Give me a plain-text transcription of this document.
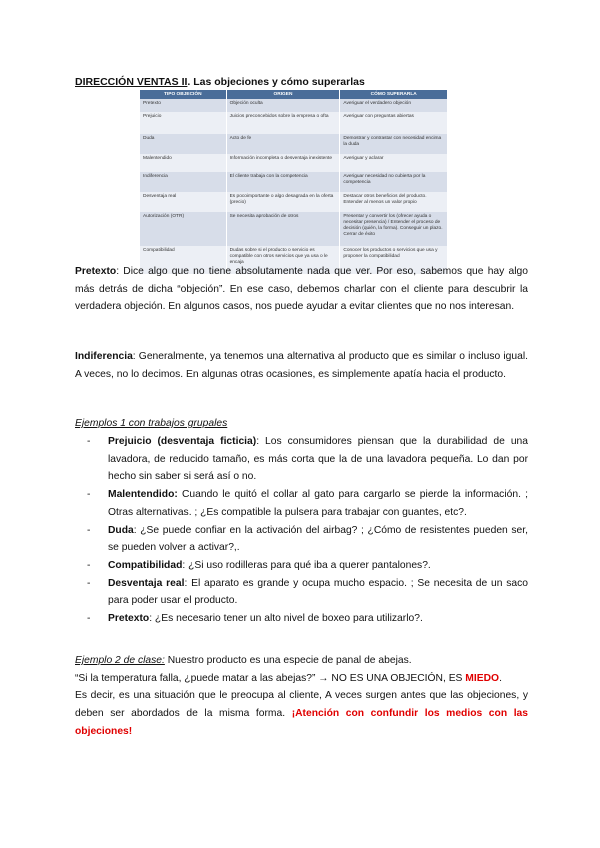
DIRECCIÓN VENTAS II. Las objeciones y cómo superarlas
TIPO OBJECIÓN	ORIGEN	CÓMO SUPERARLA
Pretexto	Objeción oculta	Averiguar el verdadero objeción
Prejuicio	Juicios preconcebidos sobre la empresa o ofta	Averiguar con preguntas abiertas
Duda	Acto de fe	Demostrar y contrastar con necesidad encima la duda
Malentendido	Información incompleta o desventaja inexistente	Averiguar y aclarar
Indiferencia	El cliente trabaja con la competencia	Averiguar necesidad no cubierta por la competencia
Desventaja real	Es pocoimportante o algo desagrada en la oferta (precio)	Destacar otros beneficios del producto. Entender al menos un valor propio
Autorización (OTR)	Se necesita aprobación de otros	Presentar y convertir los (ofrecer ayuda o necesitar presencia) / Entender el proceso de decisión (quién, la forma). Conseguir un plazo. Cerrar de éxito
Compatibilidad	Dudas sobre si el producto o servicio es compatible con otros servicios que ya usa o le encaja	Conocer los productos o servicios que usa y proponer la compatibilidad
Pretexto: Dice algo que no tiene absolutamente nada que ver. Por eso, sabemos que hay algo más detrás de dicha “objeción”. En ese caso, debemos charlar con el cliente para descubrir la verdadera objeción. En algunos casos, nos puede ayudar a evitar clientes que no nos interesan.
Indiferencia: Generalmente, ya tenemos una alternativa al producto que es similar o incluso igual. A veces, no lo decimos. En algunas otras ocasiones, es simplemente apatía hacia el producto.
Ejemplos 1 con trabajos grupales
- Prejuicio (desventaja ficticia): Los consumidores piensan que la durabilidad de una lavadora, de reducido tamaño, es más corta que la de una lavadora pequeña. Lo dan por hecho sin saber si será así o no.
- Malentendido: Cuando le quitó el collar al gato para cargarlo se pierde la información. ; Otras alternativas. ; ¿Es compatible la pulsera para trabajar con guantes, etc?.
- Duda: ¿Se puede confiar en la activación del airbag? ; ¿Cómo de resistentes pueden ser, se pueden volver a activar?,.
- Compatibilidad: ¿Si uso rodilleras para qué iba a querer pantalones?.
- Desventaja real: El aparato es grande y ocupa mucho espacio. ; Se necesita de un saco para poder usar el producto.
- Pretexto: ¿Es necesario tener un alto nivel de boxeo para utilizarlo?.
Ejemplo 2 de clase: Nuestro producto es una especie de panal de abejas.
“Si la temperatura falla, ¿puede matar a las abejas?” → NO ES UNA OBJECIÓN, ES MIEDO.
Es decir, es una situación que le preocupa al cliente, A veces surgen antes que las objeciones, y deben ser abordados de la misma forma. ¡Atención con confundir los medios con las objeciones!
